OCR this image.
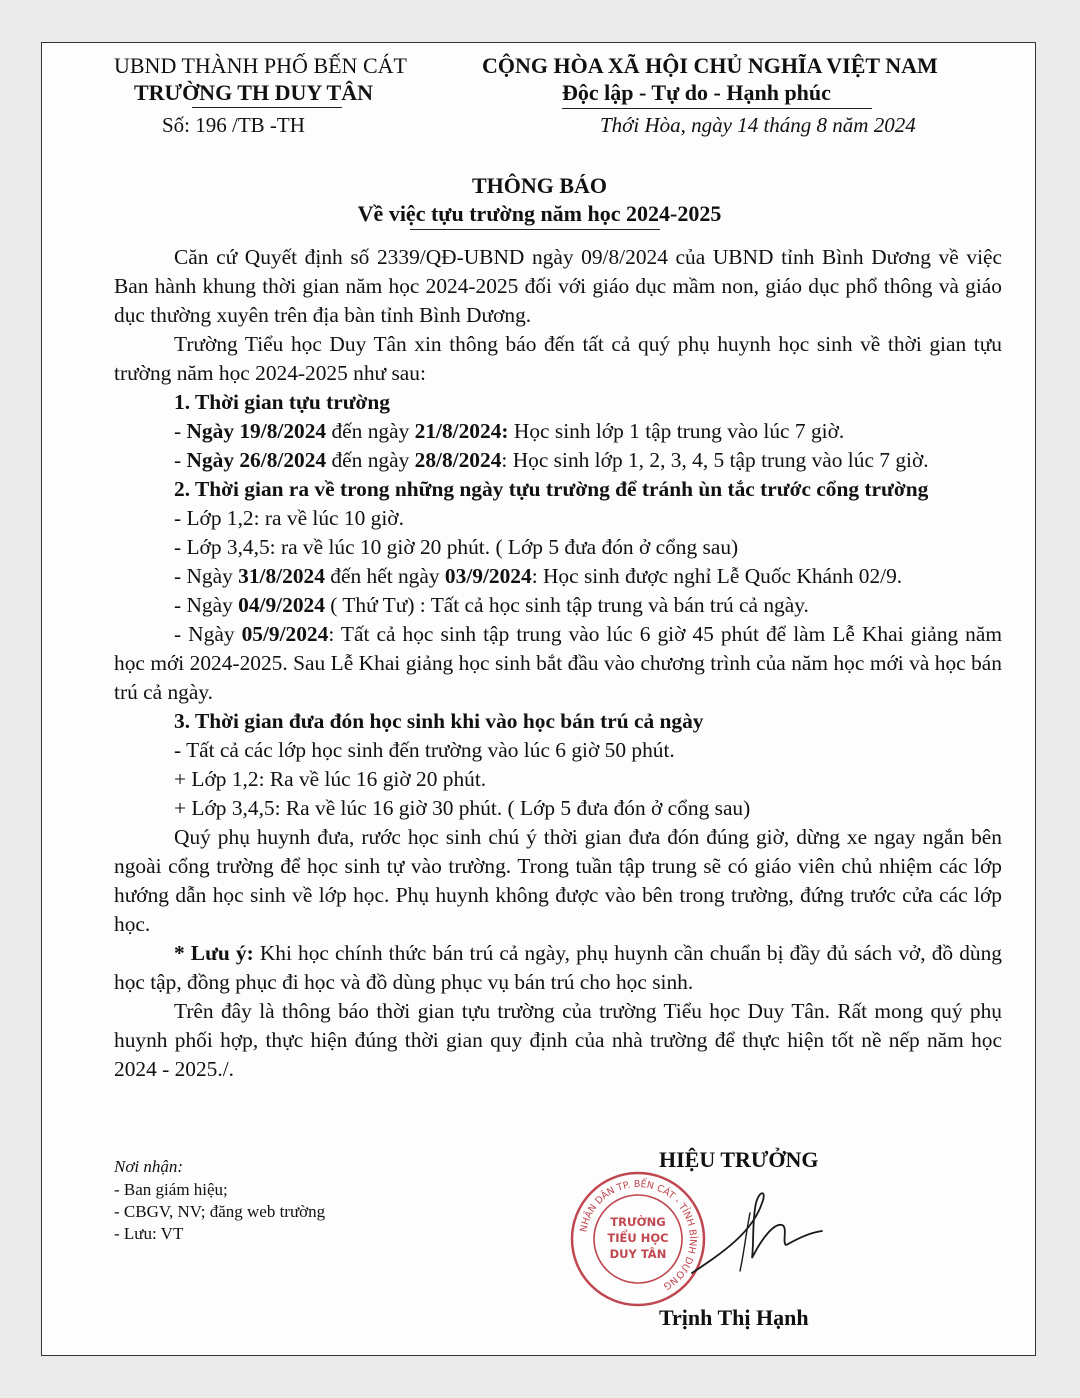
UBND THÀNH PHỐ BẾN CÁT
TRƯỜNG TH DUY TÂN
Số: 196 /TB -TH
CỘNG HÒA XÃ HỘI CHỦ NGHĨA VIỆT NAM
Độc lập - Tự do - Hạnh phúc
Thới Hòa, ngày 14 tháng 8 năm 2024
THÔNG BÁO
Về việc tựu trường năm học 2024-2025

Căn cứ Quyết định số 2339/QĐ-UBND ngày 09/8/2024 của UBND tỉnh Bình Dương về việc Ban hành khung thời gian năm học 2024-2025 đối với giáo dục mầm non, giáo dục phổ thông và giáo dục thường xuyên trên địa bàn tỉnh Bình Dương.

Trường Tiểu học Duy Tân xin thông báo đến tất cả quý phụ huynh học sinh về thời gian tựu trường năm học 2024-2025 như sau:

1. Thời gian tựu trường

- Ngày 19/8/2024 đến ngày 21/8/2024: Học sinh lớp 1 tập trung vào lúc 7 giờ.

- Ngày 26/8/2024 đến ngày 28/8/2024: Học sinh lớp 1, 2, 3, 4, 5 tập trung vào lúc 7 giờ.

2. Thời gian ra về trong những ngày tựu trường để tránh ùn tắc trước cổng trường

- Lớp 1,2: ra về lúc 10 giờ.

- Lớp 3,4,5: ra về lúc 10 giờ 20 phút. ( Lớp 5 đưa đón ở cổng sau)

- Ngày 31/8/2024 đến hết ngày 03/9/2024: Học sinh được nghỉ Lễ Quốc Khánh 02/9.

- Ngày 04/9/2024 ( Thứ Tư) : Tất cả học sinh tập trung và bán trú cả ngày.

- Ngày 05/9/2024: Tất cả học sinh tập trung vào lúc 6 giờ 45 phút để làm Lễ Khai giảng năm học mới 2024-2025. Sau Lễ Khai giảng học sinh bắt đầu vào chương trình của năm học mới và học bán trú cả ngày.

3. Thời gian đưa đón học sinh khi vào học bán trú cả ngày

- Tất cả các lớp học sinh đến trường vào lúc 6 giờ 50 phút.

+ Lớp 1,2: Ra về lúc 16 giờ 20 phút.

+ Lớp 3,4,5: Ra về lúc 16 giờ 30 phút. ( Lớp 5 đưa đón ở cổng sau)

Quý phụ huynh đưa, rước học sinh chú ý thời gian đưa đón đúng giờ, dừng xe ngay ngắn bên ngoài cổng trường để học sinh tự vào trường. Trong tuần tập trung sẽ có giáo viên chủ nhiệm các lớp hướng dẫn học sinh về lớp học. Phụ huynh không được vào bên trong trường, đứng trước cửa các lớp học.

* Lưu ý: Khi học chính thức bán trú cả ngày, phụ huynh cần chuẩn bị đầy đủ sách vở, đồ dùng học tập, đồng phục đi học và đồ dùng phục vụ bán trú cho học sinh.

Trên đây là thông báo thời gian tựu trường của trường Tiểu học Duy Tân. Rất mong quý phụ huynh phối hợp, thực hiện đúng thời gian quy định của nhà trường để thực hiện tốt nề nếp năm học 2024 - 2025./.

Nơi nhận:
- Ban giám hiệu;
- CBGV, NV; đăng web trường
- Lưu: VT
HIỆU TRƯỞNG
NHÂN DÂN TP. BẾN CÁT - TỈNH BÌNH DƯƠNG
TRƯỜNG
TIỂU HỌC
DUY TÂN
Trịnh Thị Hạnh
